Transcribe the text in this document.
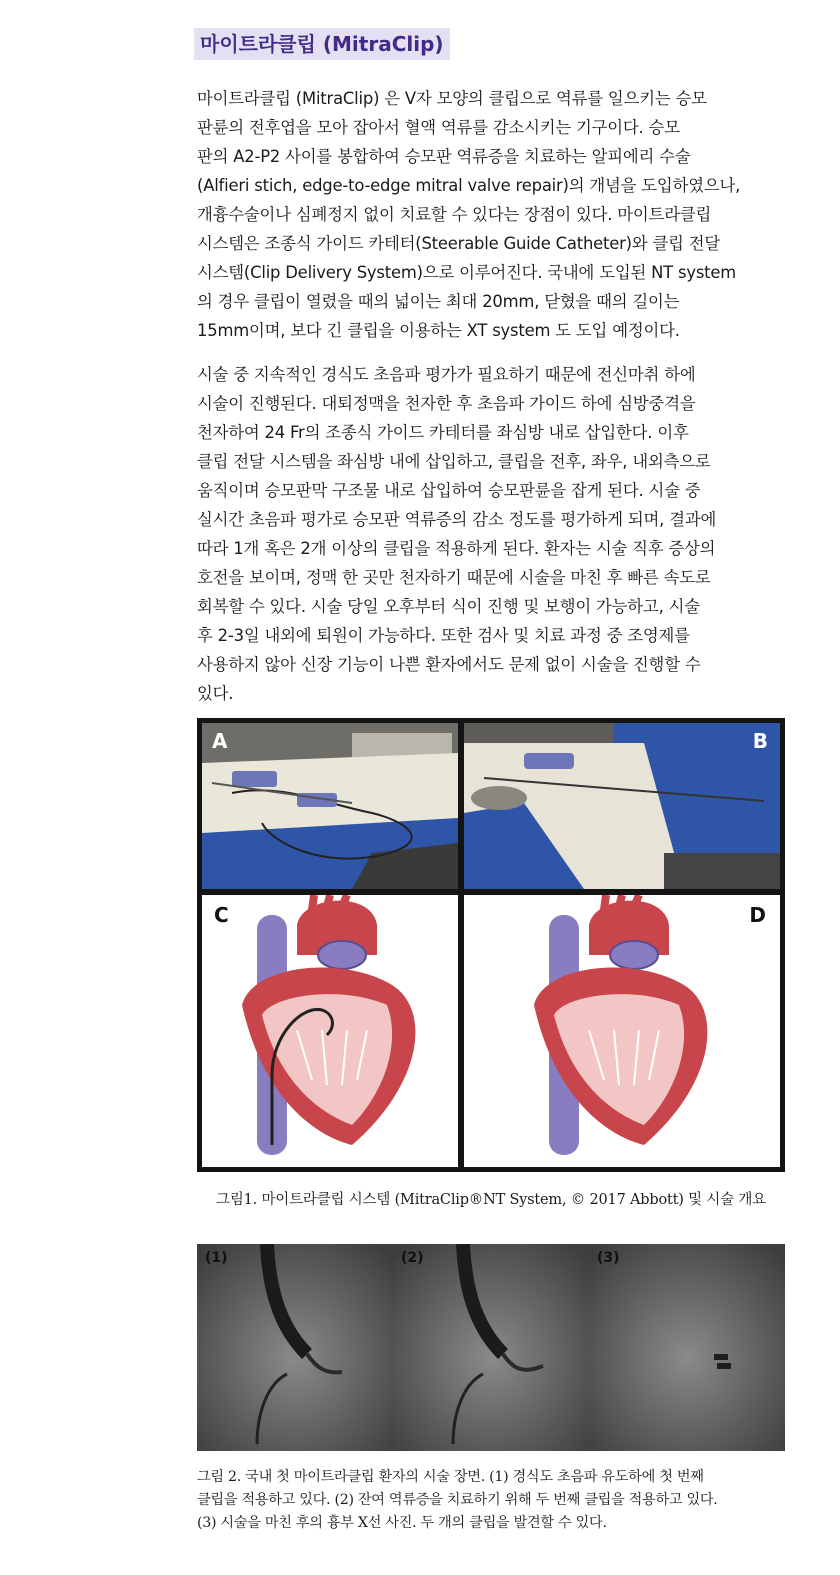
마이트라클립 (MitraClip)
마이트라클립 (MitraClip) 은 V자 모양의 클립으로 역류를 일으키는 승모
판륜의 전후엽을 모아 잡아서 혈액 역류를 감소시키는 기구이다. 승모
판의 A2-P2 사이를 봉합하여 승모판 역류증을 치료하는 알피에리 수술
(Alfieri stich, edge-to-edge mitral valve repair)의 개념을 도입하였으나,
개흉수술이나 심폐정지 없이 치료할 수 있다는 장점이 있다. 마이트라클립
시스템은 조종식 가이드 카테터(Steerable Guide Catheter)와 클립 전달
시스템(Clip Delivery System)으로 이루어진다. 국내에 도입된 NT system
의 경우 클립이 열렸을 때의 넓이는 최대 20mm, 닫혔을 때의 길이는
15mm이며, 보다 긴 클립을 이용하는 XT system 도 도입 예정이다.
시술 중 지속적인 경식도 초음파 평가가 필요하기 때문에 전신마취 하에
시술이 진행된다. 대퇴정맥을 천자한 후 초음파 가이드 하에 심방중격을
천자하여 24 Fr의 조종식 가이드 카테터를 좌심방 내로 삽입한다. 이후
클립 전달 시스템을 좌심방 내에 삽입하고, 클립을 전후, 좌우, 내외측으로
움직이며 승모판막 구조물 내로 삽입하여 승모판륜을 잡게 된다. 시술 중
실시간 초음파 평가로 승모판 역류증의 감소 정도를 평가하게 되며, 결과에
따라 1개 혹은 2개 이상의 클립을 적용하게 된다. 환자는 시술 직후 증상의
호전을 보이며, 정맥 한 곳만 천자하기 때문에 시술을 마친 후 빠른 속도로
회복할 수 있다. 시술 당일 오후부터 식이 진행 및 보행이 가능하고, 시술
후 2-3일 내외에 퇴원이 가능하다. 또한 검사 및 치료 과정 중 조영제를
사용하지 않아 신장 기능이 나쁜 환자에서도 문제 없이 시술을 진행할 수
있다.
A	B
C	D
그림1. 마이트라클립 시스템 (MitraClip®NT System, © 2017 Abbott) 및 시술 개요
(1)	(2)	(3)
그림 2. 국내 첫 마이트라클립 환자의 시술 장면. (1) 경식도 초음파 유도하에 첫 번째
클립을 적용하고 있다. (2) 잔여 역류증을 치료하기 위해 두 번째 클립을 적용하고 있다.
(3) 시술을 마친 후의 흉부 X선 사진. 두 개의 클립을 발견할 수 있다.
